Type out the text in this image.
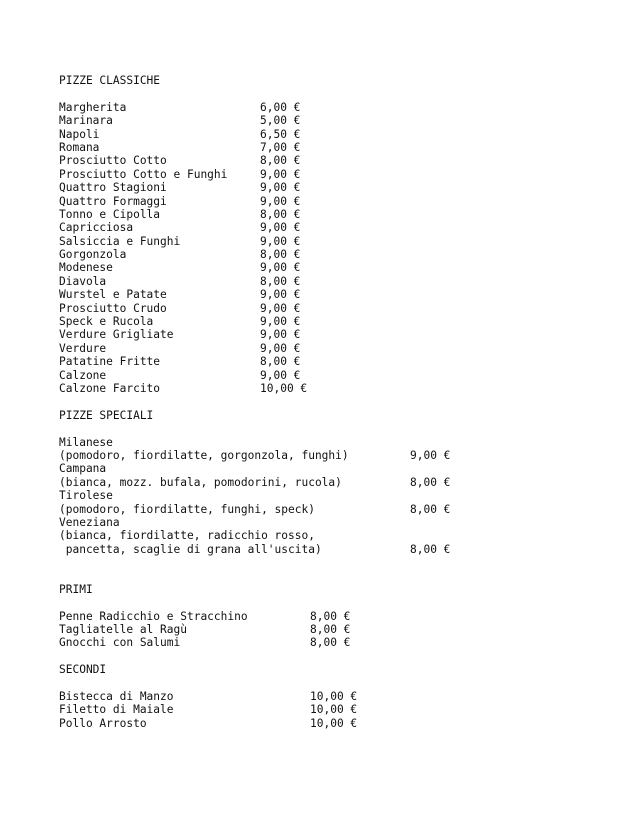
PIZZE CLASSICHE
Margherita	6,00 €
Marinara	5,00 €
Napoli	6,50 €
Romana	7,00 €
Prosciutto Cotto	8,00 €
Prosciutto Cotto e Funghi	9,00 €
Quattro Stagioni	9,00 €
Quattro Formaggi	9,00 €
Tonno e Cipolla	8,00 €
Capricciosa	9,00 €
Salsiccia e Funghi	9,00 €
Gorgonzola	8,00 €
Modenese	9,00 €
Diavola	8,00 €
Wurstel e Patate	9,00 €
Prosciutto Crudo	9,00 €
Speck e Rucola	9,00 €
Verdure Grigliate	9,00 €
Verdure	9,00 €
Patatine Fritte	8,00 €
Calzone	9,00 €
Calzone Farcito	10,00 €
PIZZE SPECIALI
Milanese
(pomodoro, fiordilatte, gorgonzola, funghi)	9,00 €
Campana
(bianca, mozz. bufala, pomodorini, rucola)	8,00 €
Tirolese
(pomodoro, fiordilatte, funghi, speck)	8,00 €
Veneziana
(bianca, fiordilatte, radicchio rosso,
pancetta, scaglie di grana all'uscita)	8,00 €
PRIMI
Penne Radicchio e Stracchino	8,00 €
Tagliatelle al Ragù	8,00 €
Gnocchi con Salumi	8,00 €
SECONDI
Bistecca di Manzo	10,00 €
Filetto di Maiale	10,00 €
Pollo Arrosto	10,00 €
